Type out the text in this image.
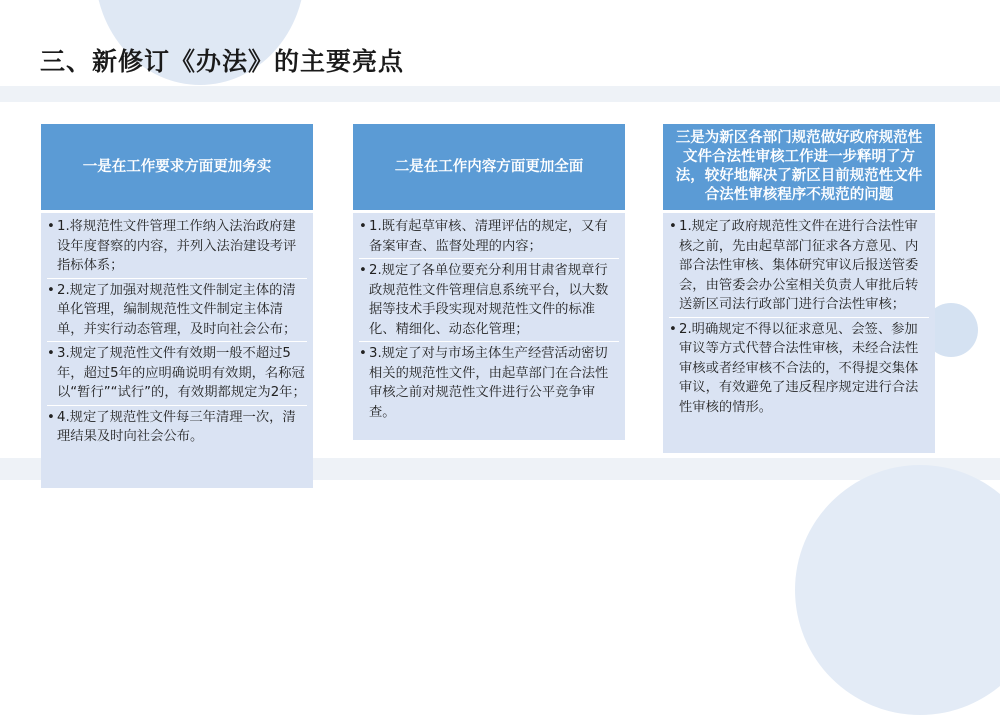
三、新修订《办法》的主要亮点
一是在工作要求方面更加务实
• 1.将规范性文件管理工作纳入法治政府建设年度督察的内容，并列入法治建设考评指标体系；
• 2.规定了加强对规范性文件制定主体的清单化管理，编制规范性文件制定主体清单，并实行动态管理，及时向社会公布；
• 3.规定了规范性文件有效期一般不超过5年，超过5年的应明确说明有效期，名称冠以“暂行”“试行”的，有效期都规定为2年；
• 4.规定了规范性文件每三年清理一次，清理结果及时向社会公布。
二是在工作内容方面更加全面
• 1.既有起草审核、清理评估的规定，又有备案审查、监督处理的内容；
• 2.规定了各单位要充分利用甘肃省规章行政规范性文件管理信息系统平台，以大数据等技术手段实现对规范性文件的标准化、精细化、动态化管理；
• 3.规定了对与市场主体生产经营活动密切相关的规范性文件，由起草部门在合法性审核之前对规范性文件进行公平竞争审查。
三是为新区各部门规范做好政府规范性文件合法性审核工作进一步释明了方法，较好地解决了新区目前规范性文件合法性审核程序不规范的问题
• 1.规定了政府规范性文件在进行合法性审核之前，先由起草部门征求各方意见、内部合法性审核、集体研究审议后报送管委会，由管委会办公室相关负责人审批后转送新区司法行政部门进行合法性审核；
• 2.明确规定不得以征求意见、会签、参加审议等方式代替合法性审核，未经合法性审核或者经审核不合法的，不得提交集体审议，有效避免了违反程序规定进行合法性审核的情形。
